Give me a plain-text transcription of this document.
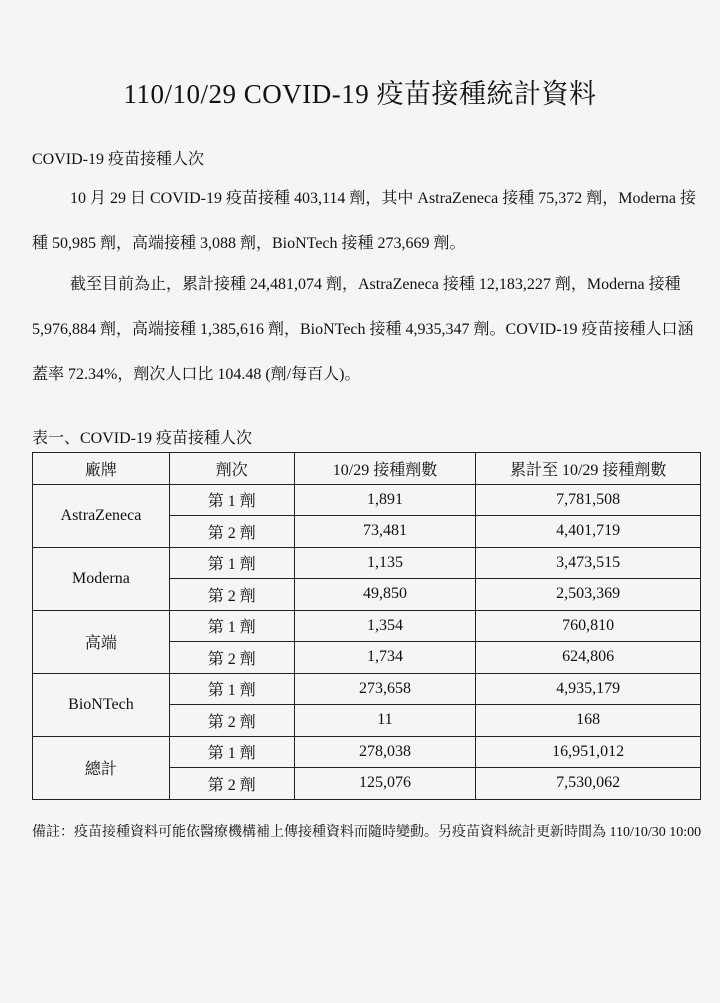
110/10/29 COVID-19 疫苗接種統計資料
COVID-19 疫苗接種人次

10 月 29 日 COVID-19 疫苗接種 403,114 劑，其中 AstraZeneca 接種 75,372 劑，Moderna 接種 50,985 劑，高端接種 3,088 劑，BioNTech 接種 273,669 劑。

截至目前為止，累計接種 24,481,074 劑，AstraZeneca 接種 12,183,227 劑，Moderna 接種 5,976,884 劑，高端接種 1,385,616 劑，BioNTech 接種 4,935,347 劑。COVID-19 疫苗接種人口涵蓋率 72.34%，劑次人口比 104.48 (劑/每百人)。

表一、COVID-19 疫苗接種人次
廠牌	劑次	10/29 接種劑數	累計至 10/29 接種劑數
AstraZeneca	第 1 劑	1,891	7,781,508
	第 2 劑	73,481	4,401,719
Moderna	第 1 劑	1,135	3,473,515
	第 2 劑	49,850	2,503,369
高端	第 1 劑	1,354	760,810
	第 2 劑	1,734	624,806
BioNTech	第 1 劑	273,658	4,935,179
	第 2 劑	11	168
總計	第 1 劑	278,038	16,951,012
	第 2 劑	125,076	7,530,062
備註：疫苗接種資料可能依醫療機構補上傳接種資料而隨時變動。另疫苗資料統計更新時間為 110/10/30 10:00
